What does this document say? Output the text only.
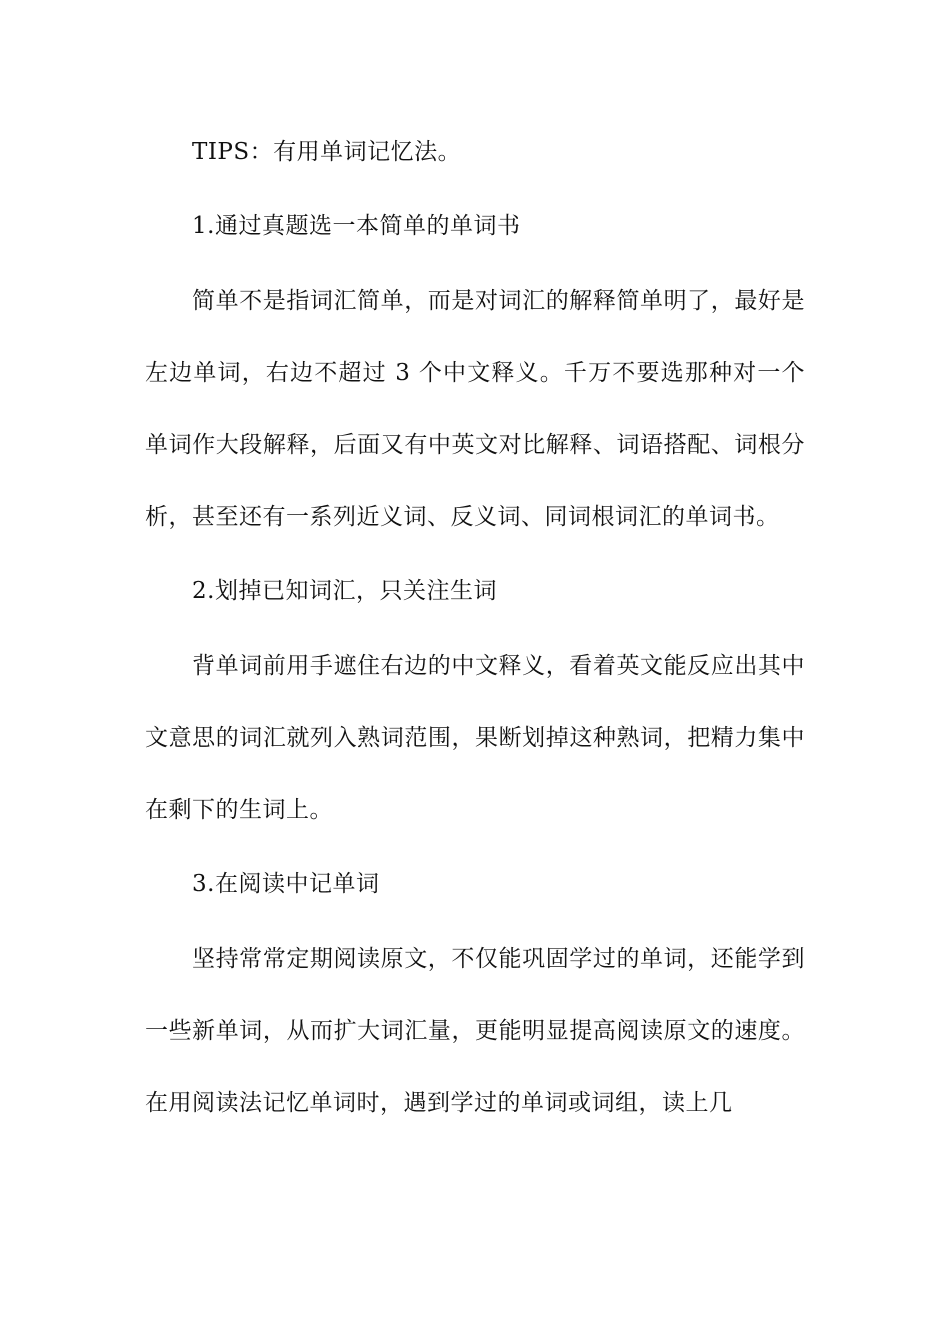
TIPS：有用单词记忆法。

1.通过真题选一本简单的单词书

简单不是指词汇简单，而是对词汇的解释简单明了，最好是左边单词，右边不超过 3 个中文释义。千万不要选那种对一个单词作大段解释，后面又有中英文对比解释、词语搭配、词根分析，甚至还有一系列近义词、反义词、同词根词汇的单词书。

2.划掉已知词汇，只关注生词

背单词前用手遮住右边的中文释义，看着英文能反应出其中文意思的词汇就列入熟词范围，果断划掉这种熟词，把精力集中在剩下的生词上。

3.在阅读中记单词

坚持常常定期阅读原文，不仅能巩固学过的单词，还能学到一些新单词，从而扩大词汇量，更能明显提高阅读原文的速度。在用阅读法记忆单词时，遇到学过的单词或词组，读上几
